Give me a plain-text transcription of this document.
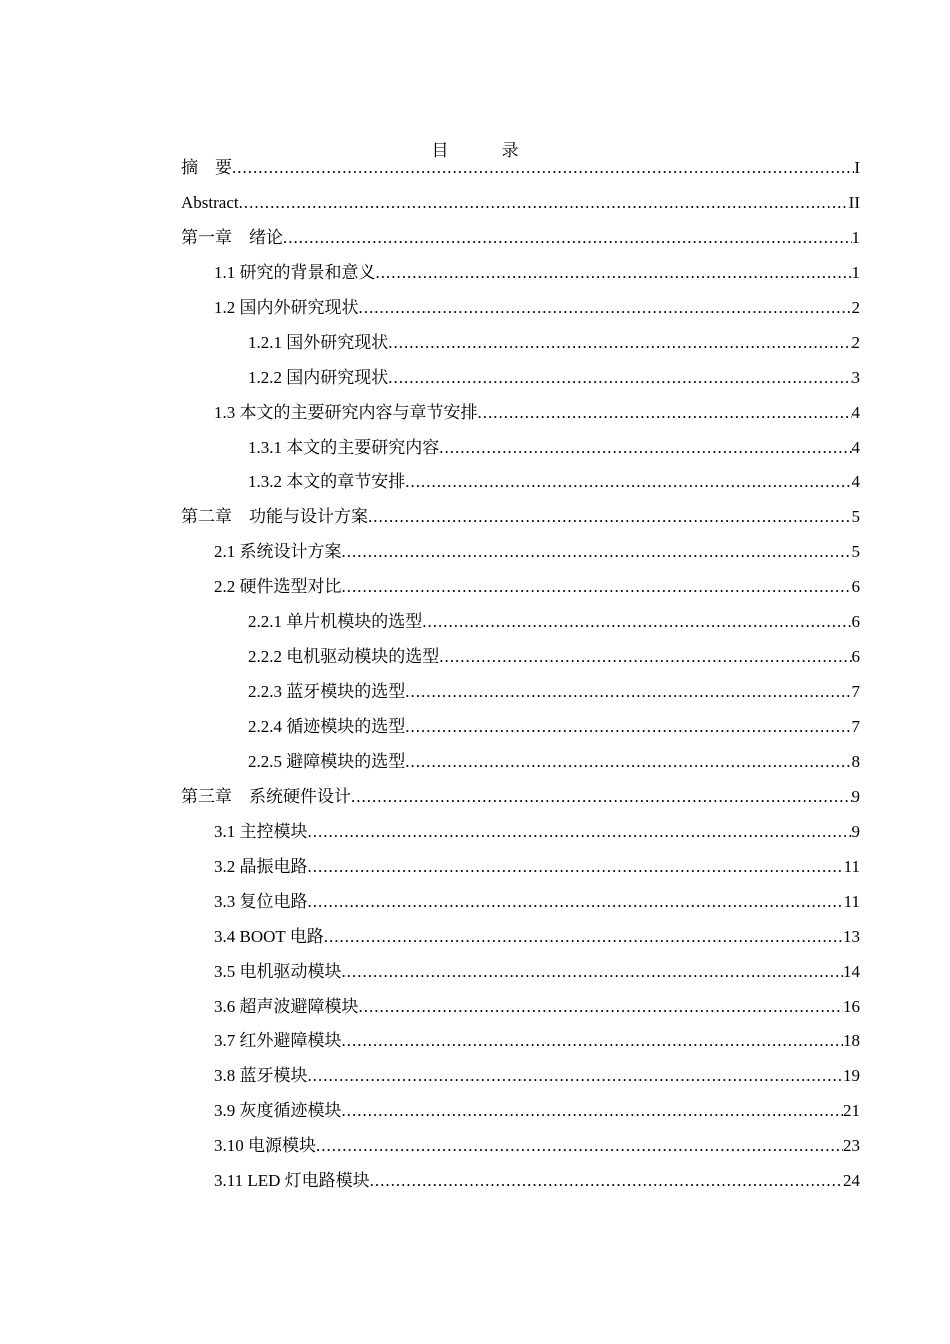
目　录
摘　要 .....	I
Abstract .....	II
第一章　绪论 .....	1
1.1 研究的背景和意义 .....	1
1.2 国内外研究现状 .....	2
1.2.1 国外研究现状 .....	2
1.2.2 国内研究现状 .....	3
1.3 本文的主要研究内容与章节安排 .....	4
1.3.1 本文的主要研究内容 .....	4
1.3.2 本文的章节安排 .....	4
第二章　功能与设计方案 .....	5
2.1 系统设计方案 .....	5
2.2 硬件选型对比 .....	6
2.2.1 单片机模块的选型 .....	6
2.2.2 电机驱动模块的选型 .....	6
2.2.3 蓝牙模块的选型 .....	7
2.2.4 循迹模块的选型 .....	7
2.2.5 避障模块的选型 .....	8
第三章　系统硬件设计 .....	9
3.1 主控模块 .....	9
3.2 晶振电路 .....	11
3.3 复位电路 .....	11
3.4 BOOT 电路 .....	13
3.5 电机驱动模块 .....	14
3.6 超声波避障模块 .....	16
3.7 红外避障模块 .....	18
3.8 蓝牙模块 .....	19
3.9 灰度循迹模块 .....	21
3.10 电源模块 .....	23
3.11 LED 灯电路模块 .....	24
